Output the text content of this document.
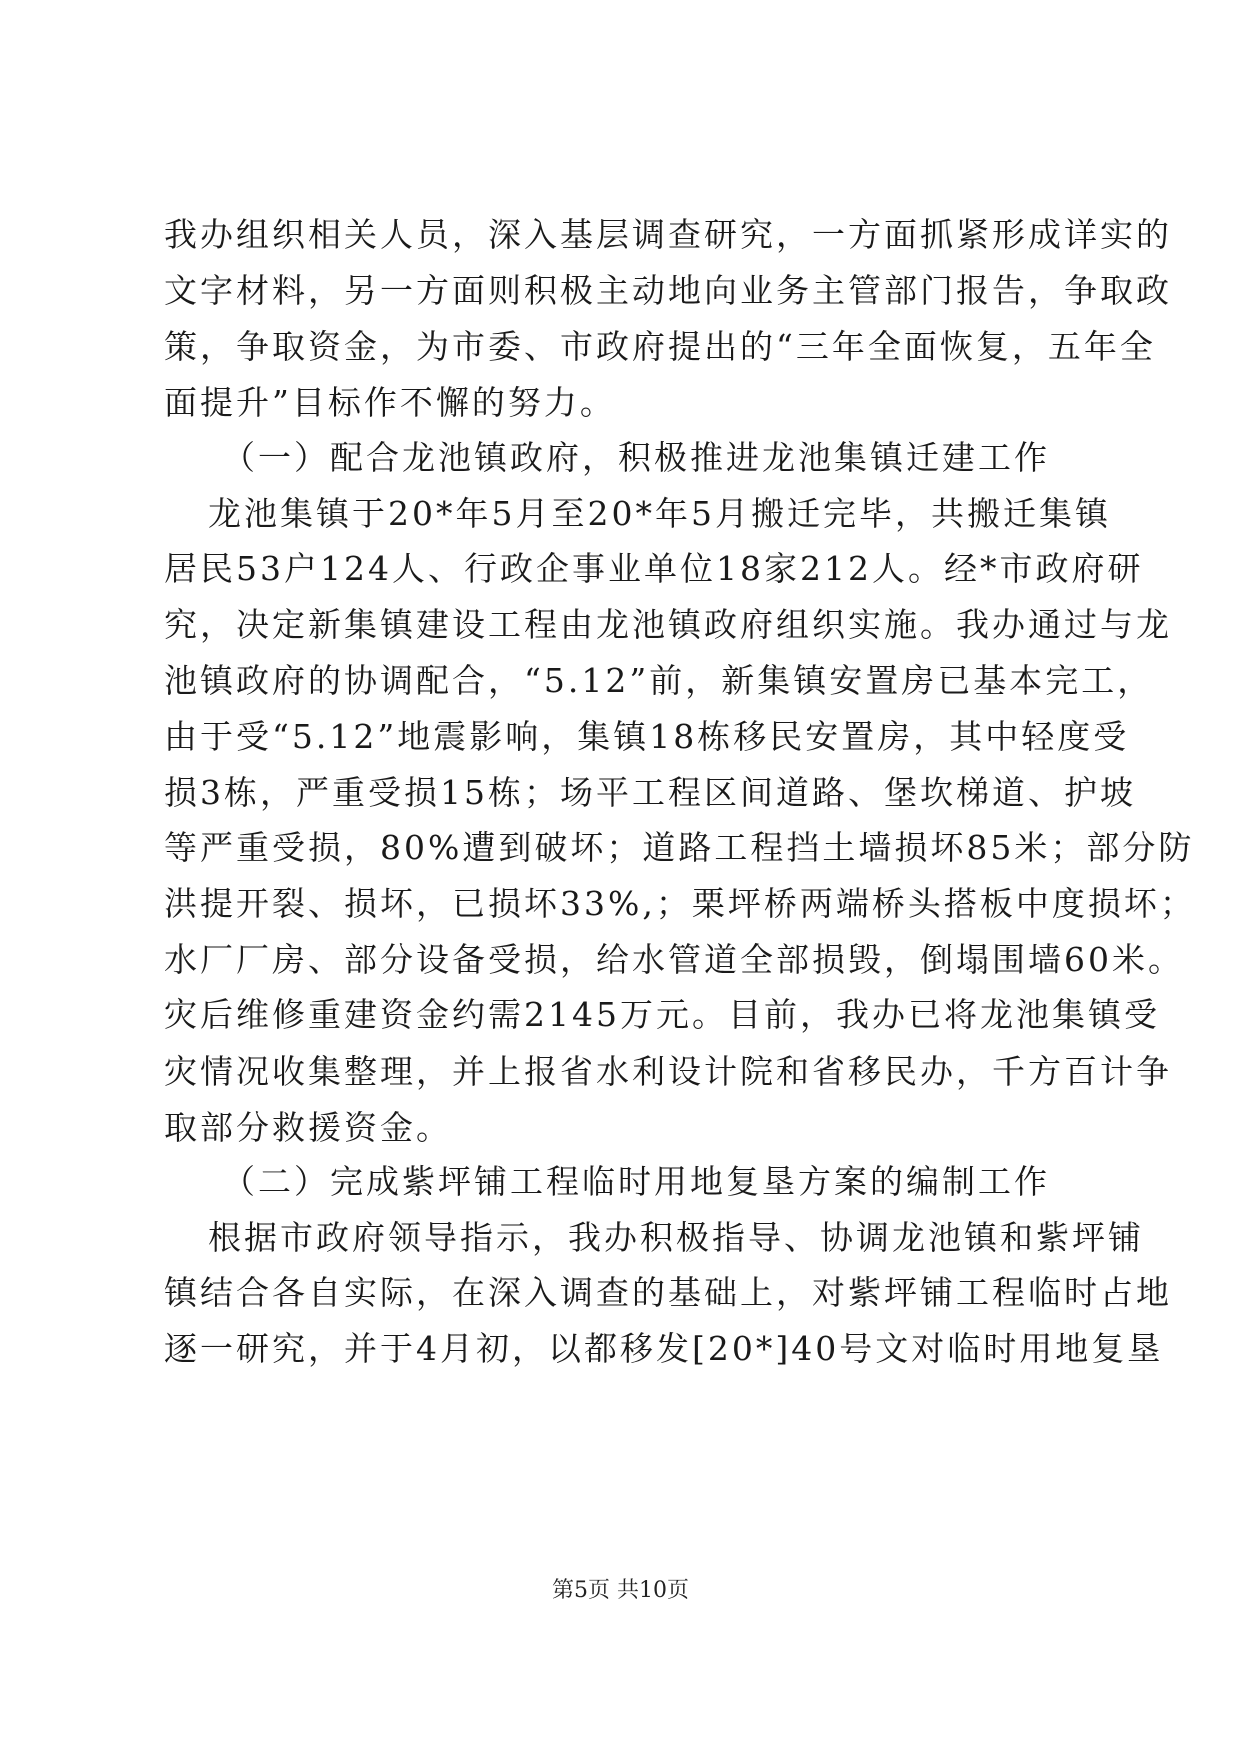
我办组织相关人员，深入基层调查研究，一方面抓紧形成详实的
文字材料，另一方面则积极主动地向业务主管部门报告，争取政
策，争取资金，为市委、市政府提出的“三年全面恢复，五年全
面提升”目标作不懈的努力。
（一）配合龙池镇政府，积极推进龙池集镇迁建工作
龙池集镇于20*年5月至20*年5月搬迁完毕，共搬迁集镇
居民53户124人、行政企事业单位18家212人。经*市政府研
究，决定新集镇建设工程由龙池镇政府组织实施。我办通过与龙
池镇政府的协调配合，“5.12”前，新集镇安置房已基本完工，
由于受“5.12”地震影响，集镇18栋移民安置房，其中轻度受
损3栋，严重受损15栋；场平工程区间道路、堡坎梯道、护坡
等严重受损，80%遭到破坏；道路工程挡土墙损坏85米；部分防
洪提开裂、损坏，已损坏33%,；栗坪桥两端桥头搭板中度损坏；
水厂厂房、部分设备受损，给水管道全部损毁，倒塌围墙60米。
灾后维修重建资金约需2145万元。目前，我办已将龙池集镇受
灾情况收集整理，并上报省水利设计院和省移民办，千方百计争
取部分救援资金。
（二）完成紫坪铺工程临时用地复垦方案的编制工作
根据市政府领导指示，我办积极指导、协调龙池镇和紫坪铺
镇结合各自实际，在深入调查的基础上，对紫坪铺工程临时占地
逐一研究，并于4月初，以都移发[20*]40号文对临时用地复垦
第5页 共10页
